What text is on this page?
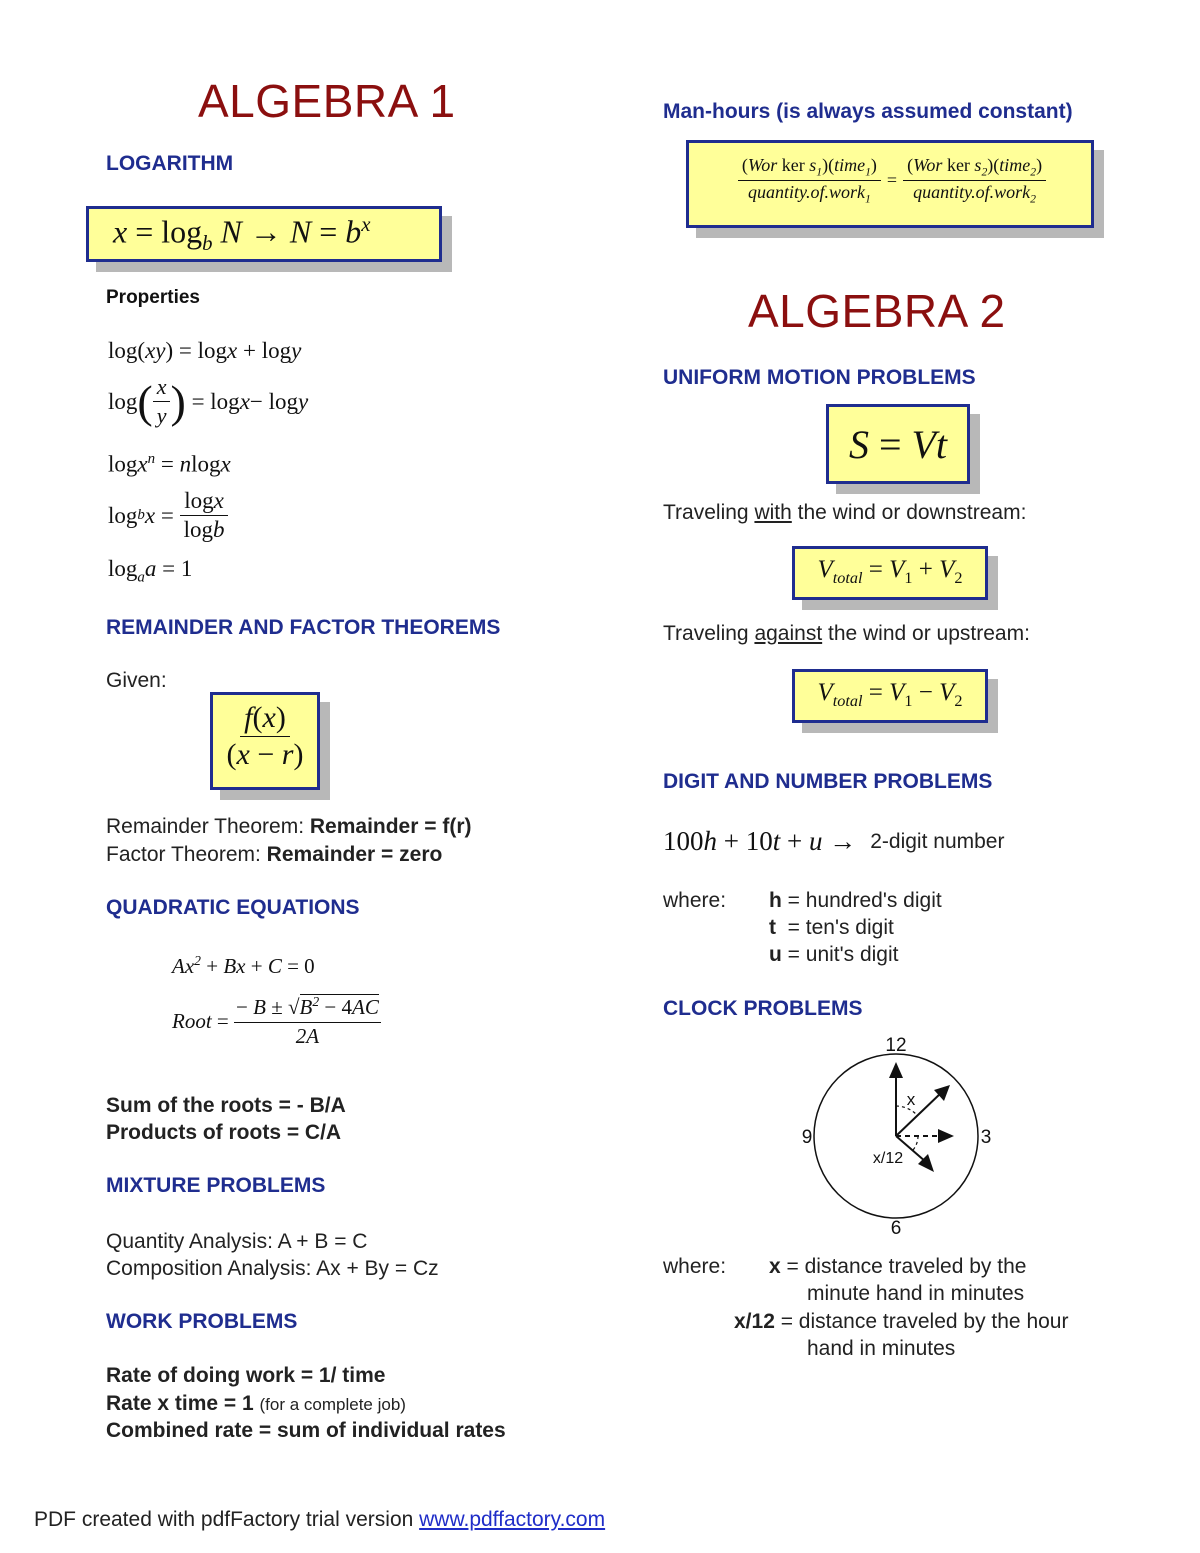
ALGEBRA 1
LOGARITHM
$x = \log_b N \to N = b^x$
Properties
log(xy) = logx + logy
log ( $\frac{x}{y}$ ) = log x − log y
logx$^n$ = nlogx
log b $x = \frac{\log x}{\log b}$
$\log_aa = 1$
REMAINDER AND FACTOR THEOREMS
Given:
$\frac{f(x)}{(x - r)}$
Remainder Theorem: Remainder = f(r)
Factor Theorem: Remainder = zero
QUADRATIC EQUATIONS
$Ax^2 + Bx + C = 0$
Root = $\frac{- B \pm √B^2 - 4AC}{2A}$
Sum of the roots = - B/A
Products of roots = C/A
MIXTURE PROBLEMS
Quantity Analysis: A + B = C
Composition Analysis: Ax + By = Cz
WORK PROBLEMS
Rate of doing work = 1/ time
Rate x time = 1 (for a complete job)
Combined rate = sum of individual rates
Man-hours (is always assumed constant)
$\frac{(Wor ker s_1)(time_1)}{quantity.of.work_1} = \frac{(Wor ker s_2)(time_2)}{quantity.of.work_2}$
ALGEBRA 2
UNIFORM MOTION PROBLEMS
S = Vt
Traveling with the wind or downstream:
$V_{total} = V_1 + V_2$
Traveling against the wind or upstream:
$V_{total} = V_1 - V_2$
DIGIT AND NUMBER PROBLEMS
100h + 10t + u → 2-digit number
where: h = hundred's digit
t  = ten's digit
u = unit's digit
CLOCK PROBLEMS
12
3
6
9
x
x/12
where: x = distance traveled by the
minute hand in minutes
x/12 = distance traveled by the hour
hand in minutes
PDF created with pdfFactory trial version www.pdffactory.com
